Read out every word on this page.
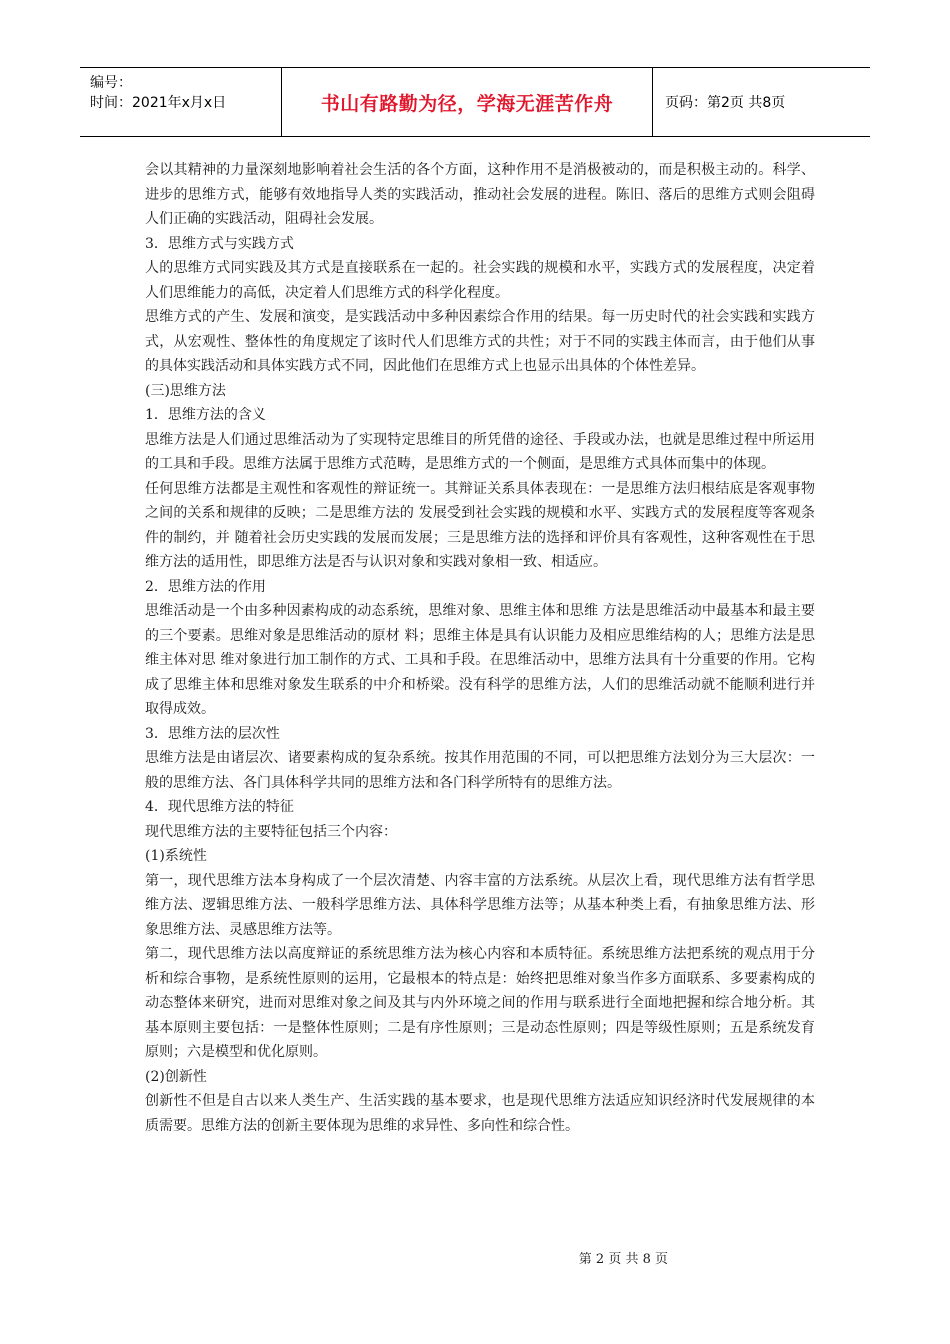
编号：
时间：2021年x月x日	书山有路勤为径，学海无涯苦作舟	页码：第2页 共8页

会以其精神的力量深刻地影响着社会生活的各个方面，这种作用不是消极被动的，而是积极主动的。科学、进步的思维方式，能够有效地指导人类的实践活动，推动社会发展的进程。陈旧、落后的思维方式则会阻碍人们正确的实践活动，阻碍社会发展。

3．思维方式与实践方式

人的思维方式同实践及其方式是直接联系在一起的。社会实践的规模和水平，实践方式的发展程度，决定着人们思维能力的高低，决定着人们思维方式的科学化程度。

思维方式的产生、发展和演变，是实践活动中多种因素综合作用的结果。每一历史时代的社会实践和实践方式，从宏观性、整体性的角度规定了该时代人们思维方式的共性；对于不同的实践主体而言，由于他们从事的具体实践活动和具体实践方式不同，因此他们在思维方式上也显示出具体的个体性差异。

(三)思维方法

1．思维方法的含义

思维方法是人们通过思维活动为了实现特定思维目的所凭借的途径、手段或办法，也就是思维过程中所运用的工具和手段。思维方法属于思维方式范畴，是思维方式的一个侧面，是思维方式具体而集中的体现。

任何思维方法都是主观性和客观性的辩证统一。其辩证关系具体表现在：一是思维方法归根结底是客观事物之间的关系和规律的反映；二是思维方法的 发展受到社会实践的规模和水平、实践方式的发展程度等客观条件的制约，并 随着社会历史实践的发展而发展；三是思维方法的选择和评价具有客观性，这种客观性在于思维方法的适用性，即思维方法是否与认识对象和实践对象相一致、相适应。

2．思维方法的作用

思维活动是一个由多种因素构成的动态系统，思维对象、思维主体和思维 方法是思维活动中最基本和最主要的三个要素。思维对象是思维活动的原材 料；思维主体是具有认识能力及相应思维结构的人；思维方法是思维主体对思 维对象进行加工制作的方式、工具和手段。在思维活动中，思维方法具有十分重要的作用。它构成了思维主体和思维对象发生联系的中介和桥梁。没有科学的思维方法，人们的思维活动就不能顺利进行并取得成效。

3．思维方法的层次性

思维方法是由诸层次、诸要素构成的复杂系统。按其作用范围的不同，可以把思维方法划分为三大层次：一般的思维方法、各门具体科学共同的思维方法和各门科学所特有的思维方法。

4．现代思维方法的特征

现代思维方法的主要特征包括三个内容：

(1)系统性

第一，现代思维方法本身构成了一个层次清楚、内容丰富的方法系统。从层次上看，现代思维方法有哲学思维方法、逻辑思维方法、一般科学思维方法、具体科学思维方法等；从基本种类上看，有抽象思维方法、形象思维方法、灵感思维方法等。

第二，现代思维方法以高度辩证的系统思维方法为核心内容和本质特征。系统思维方法把系统的观点用于分析和综合事物，是系统性原则的运用，它最根本的特点是：始终把思维对象当作多方面联系、多要素构成的动态整体来研究，进而对思维对象之间及其与内外环境之间的作用与联系进行全面地把握和综合地分析。其基本原则主要包括：一是整体性原则；二是有序性原则；三是动态性原则；四是等级性原则；五是系统发育原则；六是模型和优化原则。

(2)创新性

创新性不但是自古以来人类生产、生活实践的基本要求，也是现代思维方法适应知识经济时代发展规律的本质需要。思维方法的创新主要体现为思维的求异性、多向性和综合性。

第 2 页 共 8 页
